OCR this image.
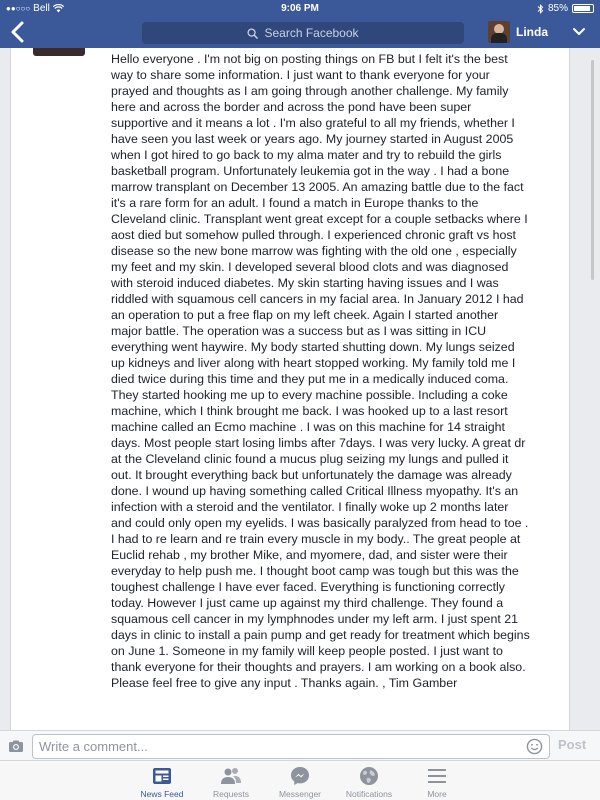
●●○○○ Bell	9:06 PM	85%
Search Facebook	Linda
Hello everyone . I'm not big on posting things on FB but I felt it's the best way to share some information. I just want to thank everyone for your prayed and thoughts as I am going through another challenge. My family here and across the border and across the pond have been super supportive and it means a lot . I'm also grateful to all my friends, whether I have seen you last week or years ago. My journey started in August 2005 when I got hired to go back to my alma mater and try to rebuild the girls basketball program. Unfortunately leukemia got in the way . I had a bone marrow transplant on December 13 2005. An amazing battle due to the fact it's a rare form for an adult. I found a match in Europe thanks to the Cleveland clinic. Transplant went great except for a couple setbacks where I aost died but somehow pulled through. I experienced chronic graft vs host disease so the new bone marrow was fighting with the old one , especially my feet and my skin. I developed several blood clots and was diagnosed with steroid induced diabetes. My skin starting having issues and I was riddled with squamous cell cancers in my facial area. In January 2012 I had an operation to put a free flap on my left cheek. Again I started another major battle. The operation was a success but as I was sitting in ICU everything went haywire. My body started shutting down. My lungs seized up kidneys and liver along with heart stopped working. My family told me I died twice during this time and they put me in a medically induced coma. They started hooking me up to every machine possible. Including a coke machine, which I think brought me back. I was hooked up to a last resort machine called an Ecmo machine . I was on this machine for 14 straight days. Most people start losing limbs after 7days. I was very lucky. A great dr at the Cleveland clinic found a mucus plug seizing my lungs and pulled it out. It brought everything back but unfortunately the damage was already done. I wound up having something called Critical Illness myopathy. It's an infection with a steroid and the ventilator. I finally woke up 2 months later and could only open my eyelids. I was basically paralyzed from head to toe . I had to re learn and re train every muscle in my body.. The great people at Euclid rehab , my brother Mike, and myomere, dad, and sister were their everyday to help push me. I thought boot camp was tough but this was the toughest challenge I have ever faced. Everything is functioning correctly today. However I just came up against my third challenge. They found a squamous cell cancer in my lymphnodes under my left arm. I just spent 21 days in clinic to install a pain pump and get ready for treatment which begins on June 1. Someone in my family will keep people posted. I just want to thank everyone for their thoughts and prayers. I am working on a book also. Please feel free to give any input . Thanks again. , Tim Gamber
Write a comment...	Post
News Feed	Requests	Messenger	Notifications	More
